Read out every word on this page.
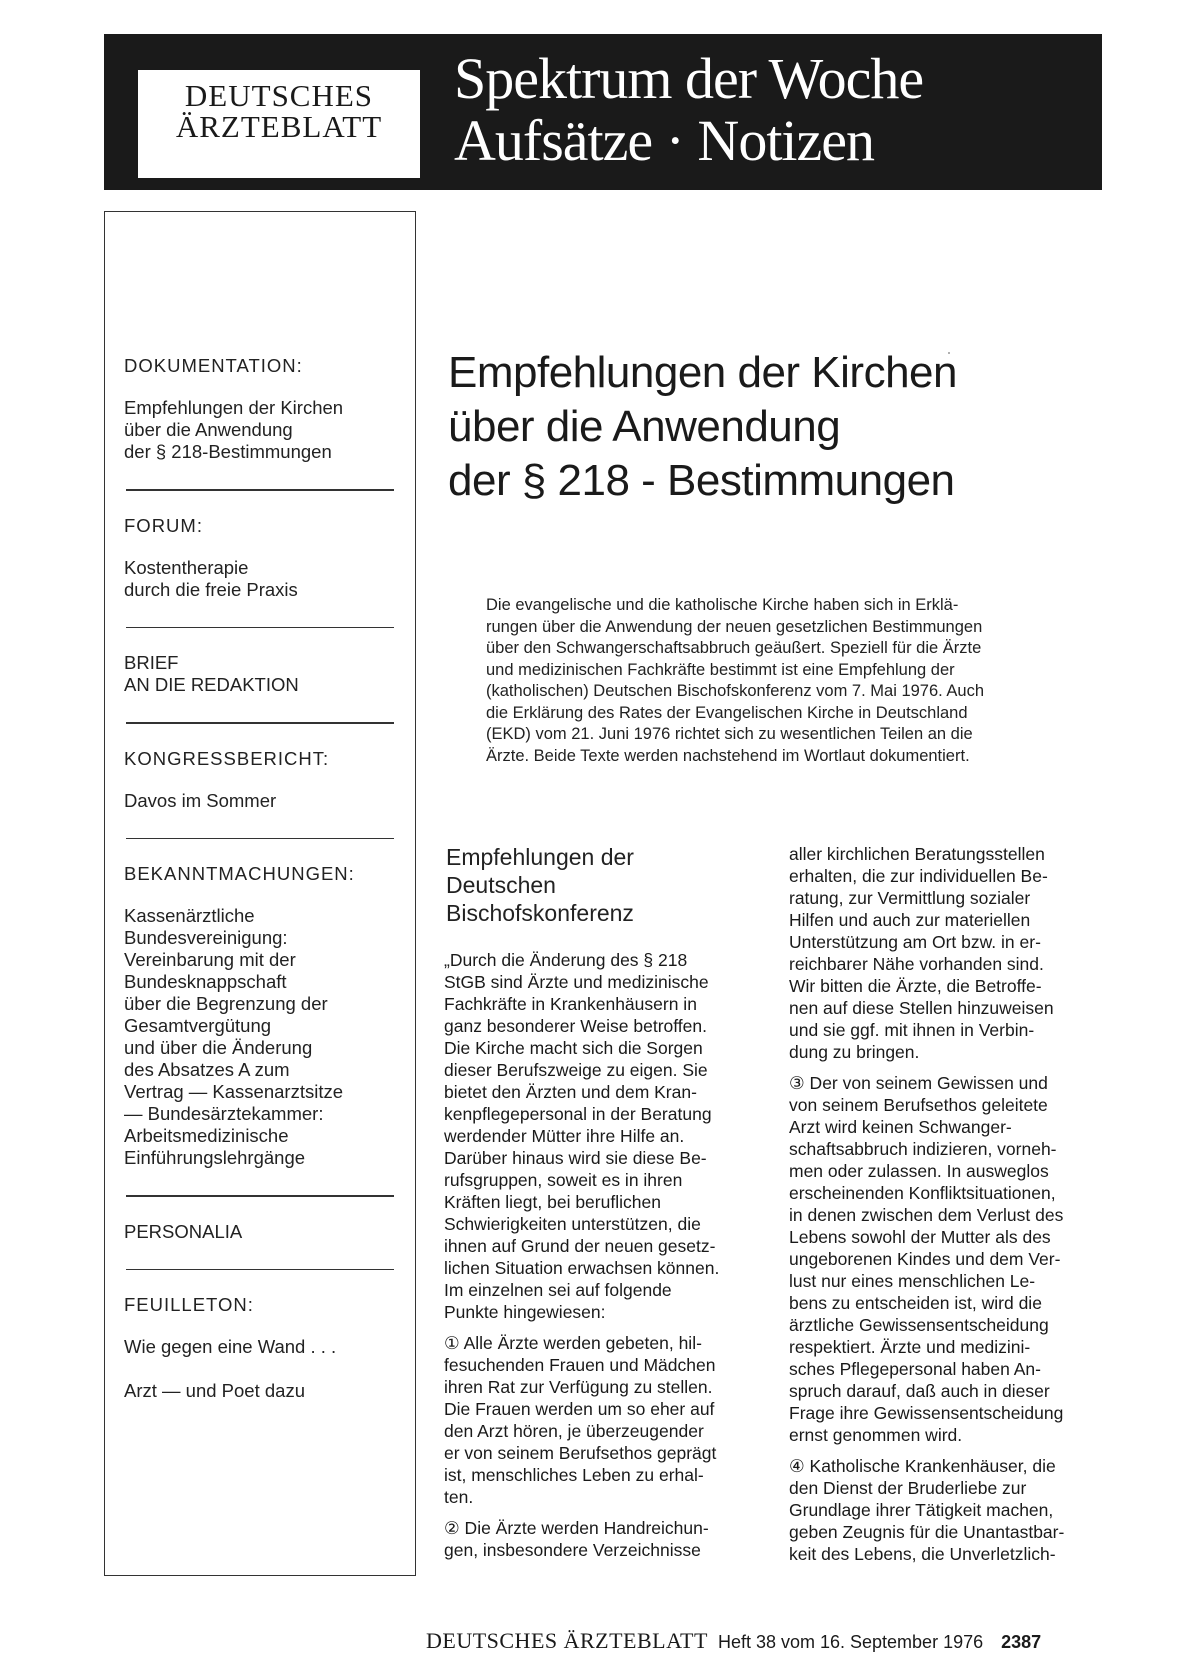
DEUTSCHES
ÄRZTEBLATT
Spektrum der Woche
Aufsätze · Notizen
DOKUMENTATION:
Empfehlungen der Kirchen
über die Anwendung
der § 218-Bestimmungen
FORUM:
Kostentherapie
durch die freie Praxis
BRIEF
AN DIE REDAKTION
KONGRESSBERICHT:
Davos im Sommer
BEKANNTMACHUNGEN:
Kassenärztliche
Bundesvereinigung:
Vereinbarung mit der
Bundesknappschaft
über die Begrenzung der
Gesamtvergütung
und über die Änderung
des Absatzes A zum
Vertrag — Kassenarztsitze
— Bundesärztekammer:
Arbeitsmedizinische
Einführungslehrgänge
PERSONALIA
FEUILLETON:
Wie gegen eine Wand . . .
Arzt — und Poet dazu
Empfehlungen der Kirchen
über die Anwendung
der § 218 - Bestimmungen
Die evangelische und die katholische Kirche haben sich in Erklä-
rungen über die Anwendung der neuen gesetzlichen Bestimmungen
über den Schwangerschaftsabbruch geäußert. Speziell für die Ärzte
und medizinischen Fachkräfte bestimmt ist eine Empfehlung der
(katholischen) Deutschen Bischofskonferenz vom 7. Mai 1976. Auch
die Erklärung des Rates der Evangelischen Kirche in Deutschland
(EKD) vom 21. Juni 1976 richtet sich zu wesentlichen Teilen an die
Ärzte. Beide Texte werden nachstehend im Wortlaut dokumentiert.
Empfehlungen der
Deutschen
Bischofskonferenz
„Durch die Änderung des § 218
StGB sind Ärzte und medizinische
Fachkräfte in Krankenhäusern in
ganz besonderer Weise betroffen.
Die Kirche macht sich die Sorgen
dieser Berufszweige zu eigen. Sie
bietet den Ärzten und dem Kran-
kenpflegepersonal in der Beratung
werdender Mütter ihre Hilfe an.
Darüber hinaus wird sie diese Be-
rufsgruppen, soweit es in ihren
Kräften liegt, bei beruflichen
Schwierigkeiten unterstützen, die
ihnen auf Grund der neuen gesetz-
lichen Situation erwachsen können.
Im einzelnen sei auf folgende
Punkte hingewiesen:
① Alle Ärzte werden gebeten, hil-
fesuchenden Frauen und Mädchen
ihren Rat zur Verfügung zu stellen.
Die Frauen werden um so eher auf
den Arzt hören, je überzeugender
er von seinem Berufsethos geprägt
ist, menschliches Leben zu erhal-
ten.
② Die Ärzte werden Handreichun-
gen, insbesondere Verzeichnisse
aller kirchlichen Beratungsstellen
erhalten, die zur individuellen Be-
ratung, zur Vermittlung sozialer
Hilfen und auch zur materiellen
Unterstützung am Ort bzw. in er-
reichbarer Nähe vorhanden sind.
Wir bitten die Ärzte, die Betroffe-
nen auf diese Stellen hinzuweisen
und sie ggf. mit ihnen in Verbin-
dung zu bringen.
③ Der von seinem Gewissen und
von seinem Berufsethos geleitete
Arzt wird keinen Schwanger-
schaftsabbruch indizieren, vorneh-
men oder zulassen. In ausweglos
erscheinenden Konfliktsituationen,
in denen zwischen dem Verlust des
Lebens sowohl der Mutter als des
ungeborenen Kindes und dem Ver-
lust nur eines menschlichen Le-
bens zu entscheiden ist, wird die
ärztliche Gewissensentscheidung
respektiert. Ärzte und medizini-
sches Pflegepersonal haben An-
spruch darauf, daß auch in dieser
Frage ihre Gewissensentscheidung
ernst genommen wird.
④ Katholische Krankenhäuser, die
den Dienst der Bruderliebe zur
Grundlage ihrer Tätigkeit machen,
geben Zeugnis für die Unantastbar-
keit des Lebens, die Unverletzlich-
DEUTSCHES ÄRZTEBLATT Heft 38 vom 16. September 1976 2387
